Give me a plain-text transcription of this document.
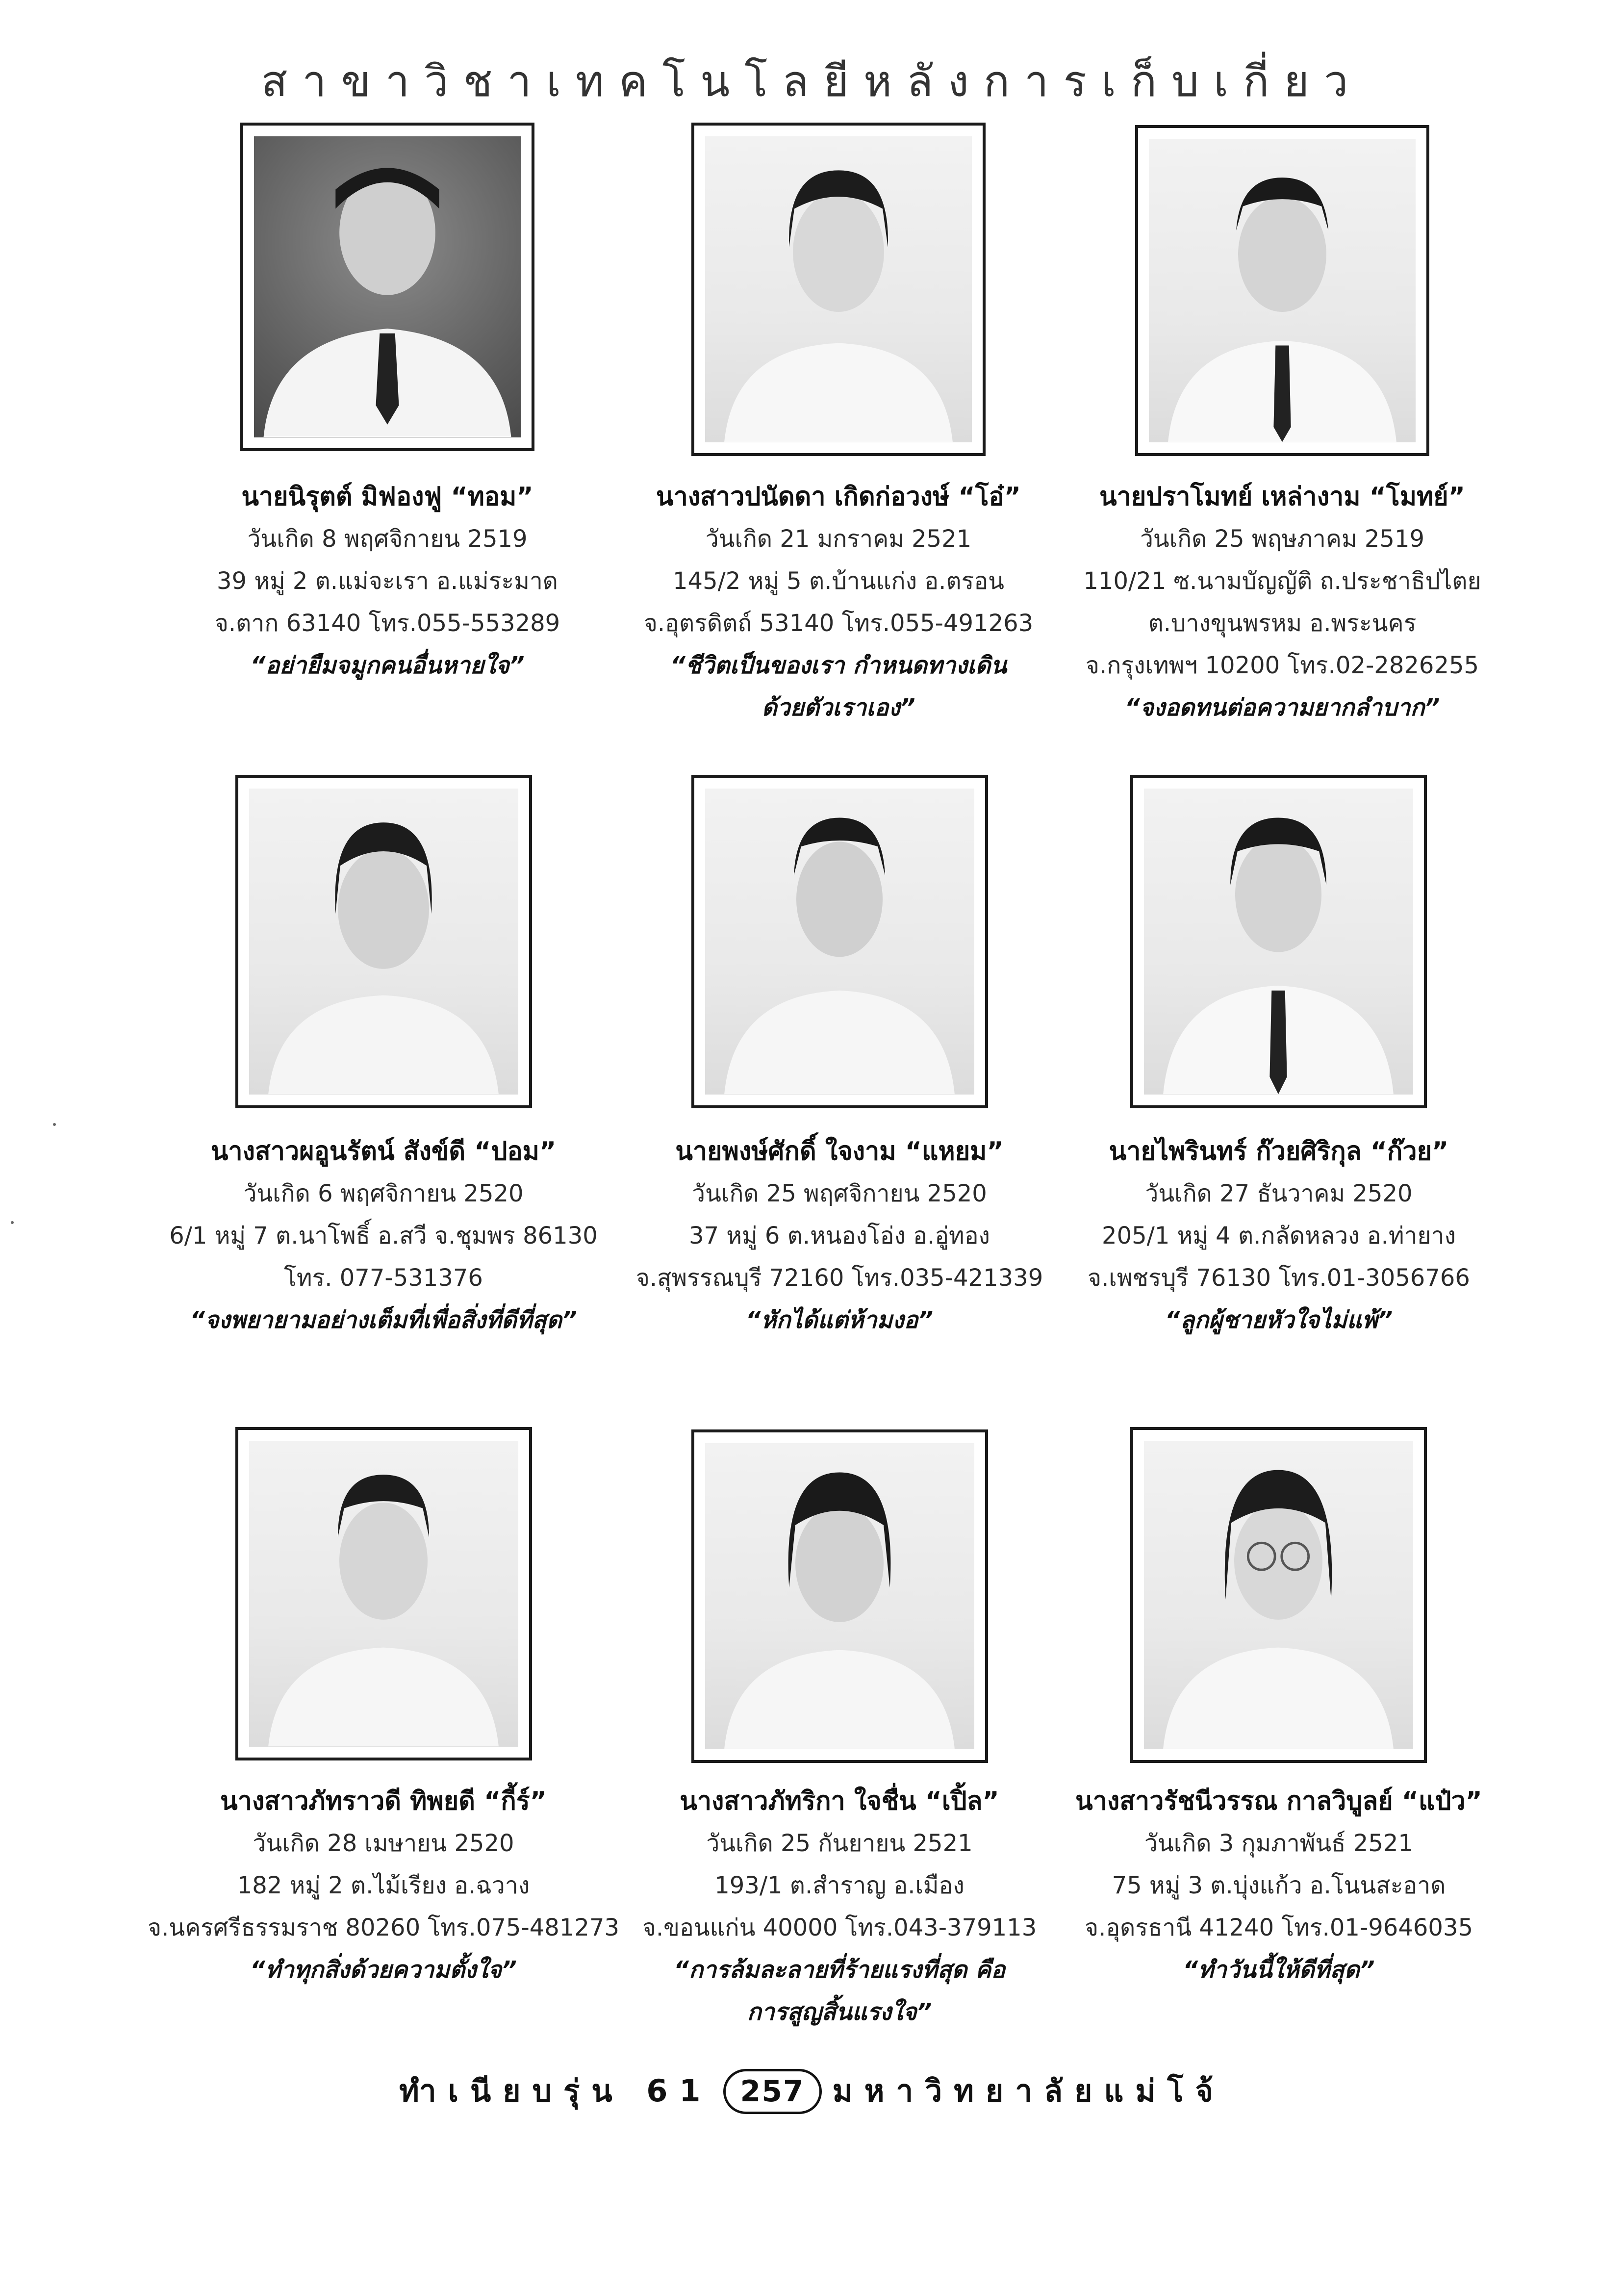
สาขาวิชาเทคโนโลยีหลังการเก็บเกี่ยว
นายนิรุตต์ มิฟองฟู “ทอม”
วันเกิด 8 พฤศจิกายน 2519
39 หมู่ 2 ต.แม่จะเรา อ.แม่ระมาด
จ.ตาก 63140 โทร.055-553289
“อย่ายืมจมูกคนอื่นหายใจ”
นางสาวปนัดดา เกิดก่อวงษ์ “โอ๋”
วันเกิด 21 มกราคม 2521
145/2 หมู่ 5 ต.บ้านแก่ง อ.ตรอน
จ.อุตรดิตถ์ 53140 โทร.055-491263
“ชีวิตเป็นของเรา กำหนดทางเดิน
ด้วยตัวเราเอง”
นายปราโมทย์ เหล่างาม “โมทย์”
วันเกิด 25 พฤษภาคม 2519
110/21 ซ.นามบัญญัติ ถ.ประชาธิปไตย
ต.บางขุนพรหม อ.พระนคร
จ.กรุงเทพฯ 10200 โทร.02-2826255
“จงอดทนต่อความยากลำบาก”
นางสาวผอูนรัตน์ สังข์ดี “ปอม”
วันเกิด 6 พฤศจิกายน 2520
6/1 หมู่ 7 ต.นาโพธิ์ อ.สวี จ.ชุมพร 86130
โทร. 077-531376
“จงพยายามอย่างเต็มที่เพื่อสิ่งที่ดีที่สุด”
นายพงษ์ศักดิ์ ใจงาม “แหยม”
วันเกิด 25 พฤศจิกายน 2520
37 หมู่ 6 ต.หนองโอ่ง อ.อู่ทอง
จ.สุพรรณบุรี 72160 โทร.035-421339
“หักได้แต่ห้ามงอ”
นายไพรินทร์ ก๊วยศิริกุล “ก๊วย”
วันเกิด 27 ธันวาคม 2520
205/1 หมู่ 4 ต.กลัดหลวง อ.ท่ายาง
จ.เพชรบุรี 76130 โทร.01-3056766
“ลูกผู้ชายหัวใจไม่แพ้”
นางสาวภัทราวดี ทิพยดี “กี้ร์”
วันเกิด 28 เมษายน 2520
182 หมู่ 2 ต.ไม้เรียง อ.ฉวาง
จ.นครศรีธรรมราช 80260 โทร.075-481273
“ทำทุกสิ่งด้วยความตั้งใจ”
นางสาวภัทริกา ใจชื่น “เปิ้ล”
วันเกิด 25 กันยายน 2521
193/1 ต.สำราญ อ.เมือง
จ.ขอนแก่น 40000 โทร.043-379113
“การล้มละลายที่ร้ายแรงที่สุด คือ
การสูญสิ้นแรงใจ”
นางสาวรัชนีวรรณ กาลวิบูลย์ “แป๋ว”
วันเกิด 3 กุมภาพันธ์ 2521
75 หมู่ 3 ต.บุ่งแก้ว อ.โนนสะอาด
จ.อุดรธานี 41240 โทร.01-9646035
“ทำวันนี้ให้ดีที่สุด”
ทำเนียบรุ่น 61 257 มหาวิทยาลัยแม่โจ้
